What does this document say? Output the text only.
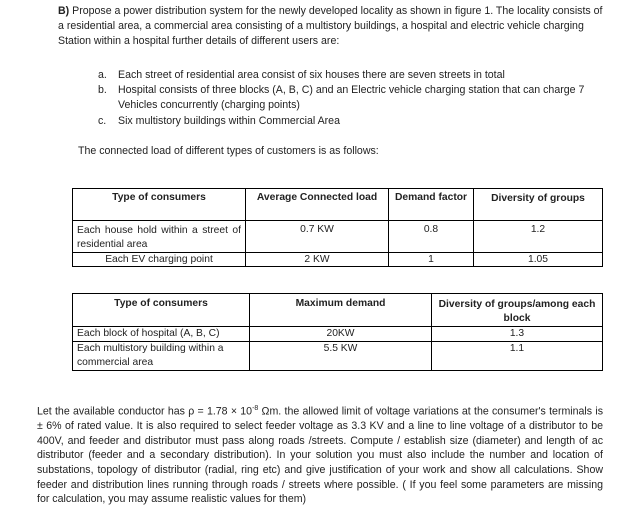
B) Propose a power distribution system for the newly developed locality as shown in figure 1. The locality consists of a residential area, a commercial area consisting of a multistory buildings, a hospital and electric vehicle charging Station within a hospital further details of different users are:
a. Each street of residential area consist of six houses there are seven streets in total
b. Hospital consists of three blocks (A, B, C) and an Electric vehicle charging station that can charge 7 Vehicles concurrently (charging points)
c. Six multistory buildings within Commercial Area
The connected load of different types of customers is as follows:
Type of consumers	Average Connected load	Demand factor	Diversity of groups
Each house hold within a street of residential area	0.7 KW	0.8	1.2
Each EV charging point	2 KW	1	1.05
Type of consumers	Maximum demand	Diversity of groups/among each block
Each block of hospital (A, B, C)	20KW	1.3
Each multistory building within a commercial area	5.5 KW	1.1
Let the available conductor has $\rho = 1.78 \times 10^{-8}$ Ωm. the allowed limit of voltage variations at the consumer's terminals is ± 6% of rated value. It is also required to select feeder voltage as 3.3 KV and a line to line voltage of a distributor to be 400V, and feeder and distributor must pass along roads /streets. Compute / establish size (diameter) and length of ac distributor (feeder and a secondary distribution). In your solution you must also include the number and location of substations, topology of distributor (radial, ring etc) and give justification of your work and show all calculations. Show feeder and distribution lines running through roads / streets where possible. ( If you feel some parameters are missing for calculation, you may assume realistic values for them)
